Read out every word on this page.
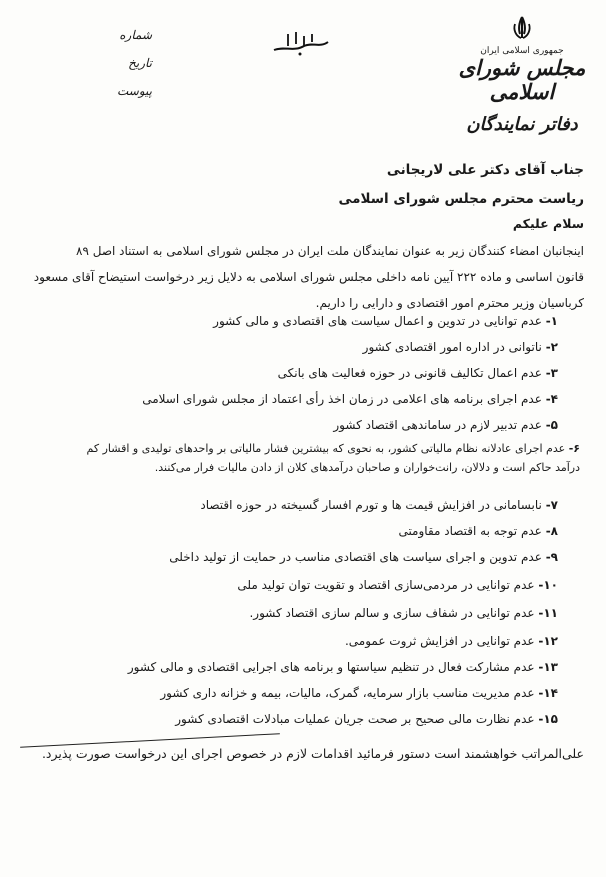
جمهوری اسلامی ایران
مجلس شورای اسلامی
دفاتر نمایندگان
شماره
تاریخ
پیوست
جناب آقای دکتر علی لاریجانی
ریاست محترم مجلس شورای اسلامی
سلام علیکم
اینجانبان امضاء کنندگان زیر به عنوان نمایندگان ملت ایران در مجلس شورای اسلامی به استناد اصل ۸۹
قانون اساسی و ماده ۲۲۲ آیین نامه داخلی مجلس شورای اسلامی به دلایل زیر درخواست استیضاح آقای مسعود
کرباسیان وزیر محترم امور اقتصادی و دارایی را داریم.
۱- عدم توانایی در تدوین و اعمال سیاست های اقتصادی و مالی کشور
۲- ناتوانی در اداره امور اقتصادی کشور
۳- عدم اعمال تکالیف قانونی در حوزه فعالیت های بانکی
۴- عدم اجرای برنامه های اعلامی در زمان اخذ رأی اعتماد از مجلس شورای اسلامی
۵- عدم تدبیر لازم در ساماندهی اقتصاد کشور
۶- عدم اجرای عادلانه نظام مالیاتی کشور، به نحوی که بیشترین فشار مالیاتی بر واحدهای تولیدی و اقشار کم
درآمد حاکم است و دلالان، رانت‌خواران و صاحبان درآمدهای کلان از دادن مالیات فرار می‌کنند.
۷- نابسامانی در افزایش قیمت ها و تورم افسار گسیخته در حوزه اقتصاد
۸- عدم توجه به اقتصاد مقاومتی
۹- عدم تدوین و اجرای سیاست های اقتصادی مناسب در حمایت از تولید داخلی
۱۰- عدم توانایی در مردمی‌سازی اقتصاد و تقویت توان تولید ملی
۱۱- عدم توانایی در شفاف سازی و سالم سازی اقتصاد کشور.
۱۲- عدم توانایی در افزایش ثروت عمومی.
۱۳- عدم مشارکت فعال در تنظیم سیاستها و برنامه های اجرایی اقتصادی و مالی کشور
۱۴- عدم مدیریت مناسب بازار سرمایه، گمرک، مالیات، بیمه و خزانه داری کشور
۱۵- عدم نظارت مالی صحیح بر صحت جریان عملیات مبادلات اقتصادی کشور
علی‌المراتب خواهشمند است دستور فرمائید اقدامات لازم در خصوص اجرای این درخواست صورت پذیرد.
